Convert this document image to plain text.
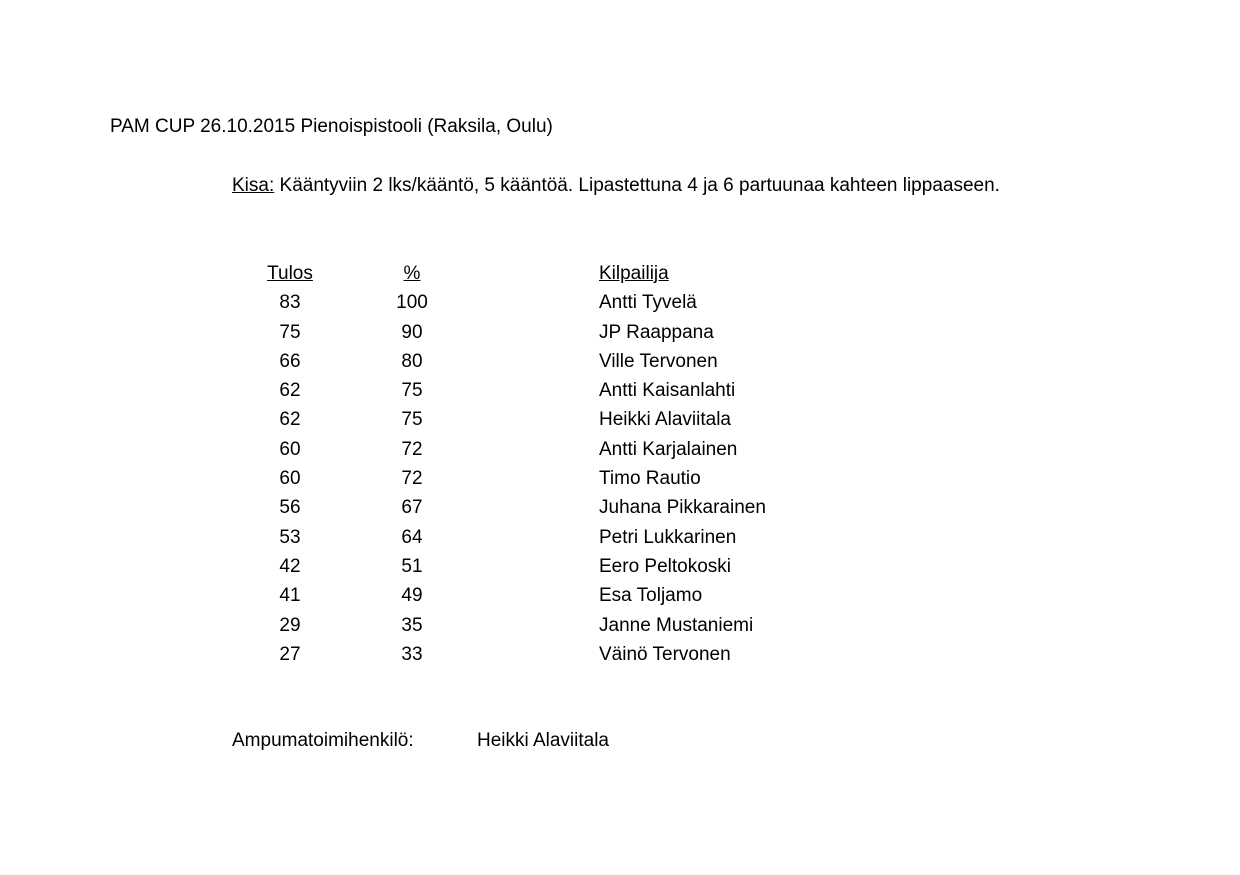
PAM CUP 26.10.2015 Pienoispistooli (Raksila, Oulu)
Kisa: Kääntyviin 2 lks/kääntö, 5 kääntöä. Lipastettuna 4 ja 6 partuunaa kahteen lippaaseen.
Tulos	%	Kilpailija
83	100	Antti Tyvelä
75	90	JP Raappana
66	80	Ville Tervonen
62	75	Antti Kaisanlahti
62	75	Heikki Alaviitala
60	72	Antti Karjalainen
60	72	Timo Rautio
56	67	Juhana Pikkarainen
53	64	Petri Lukkarinen
42	51	Eero Peltokoski
41	49	Esa Toljamo
29	35	Janne Mustaniemi
27	33	Väinö Tervonen
Ampumatoimihenkilö:	Heikki Alaviitala
